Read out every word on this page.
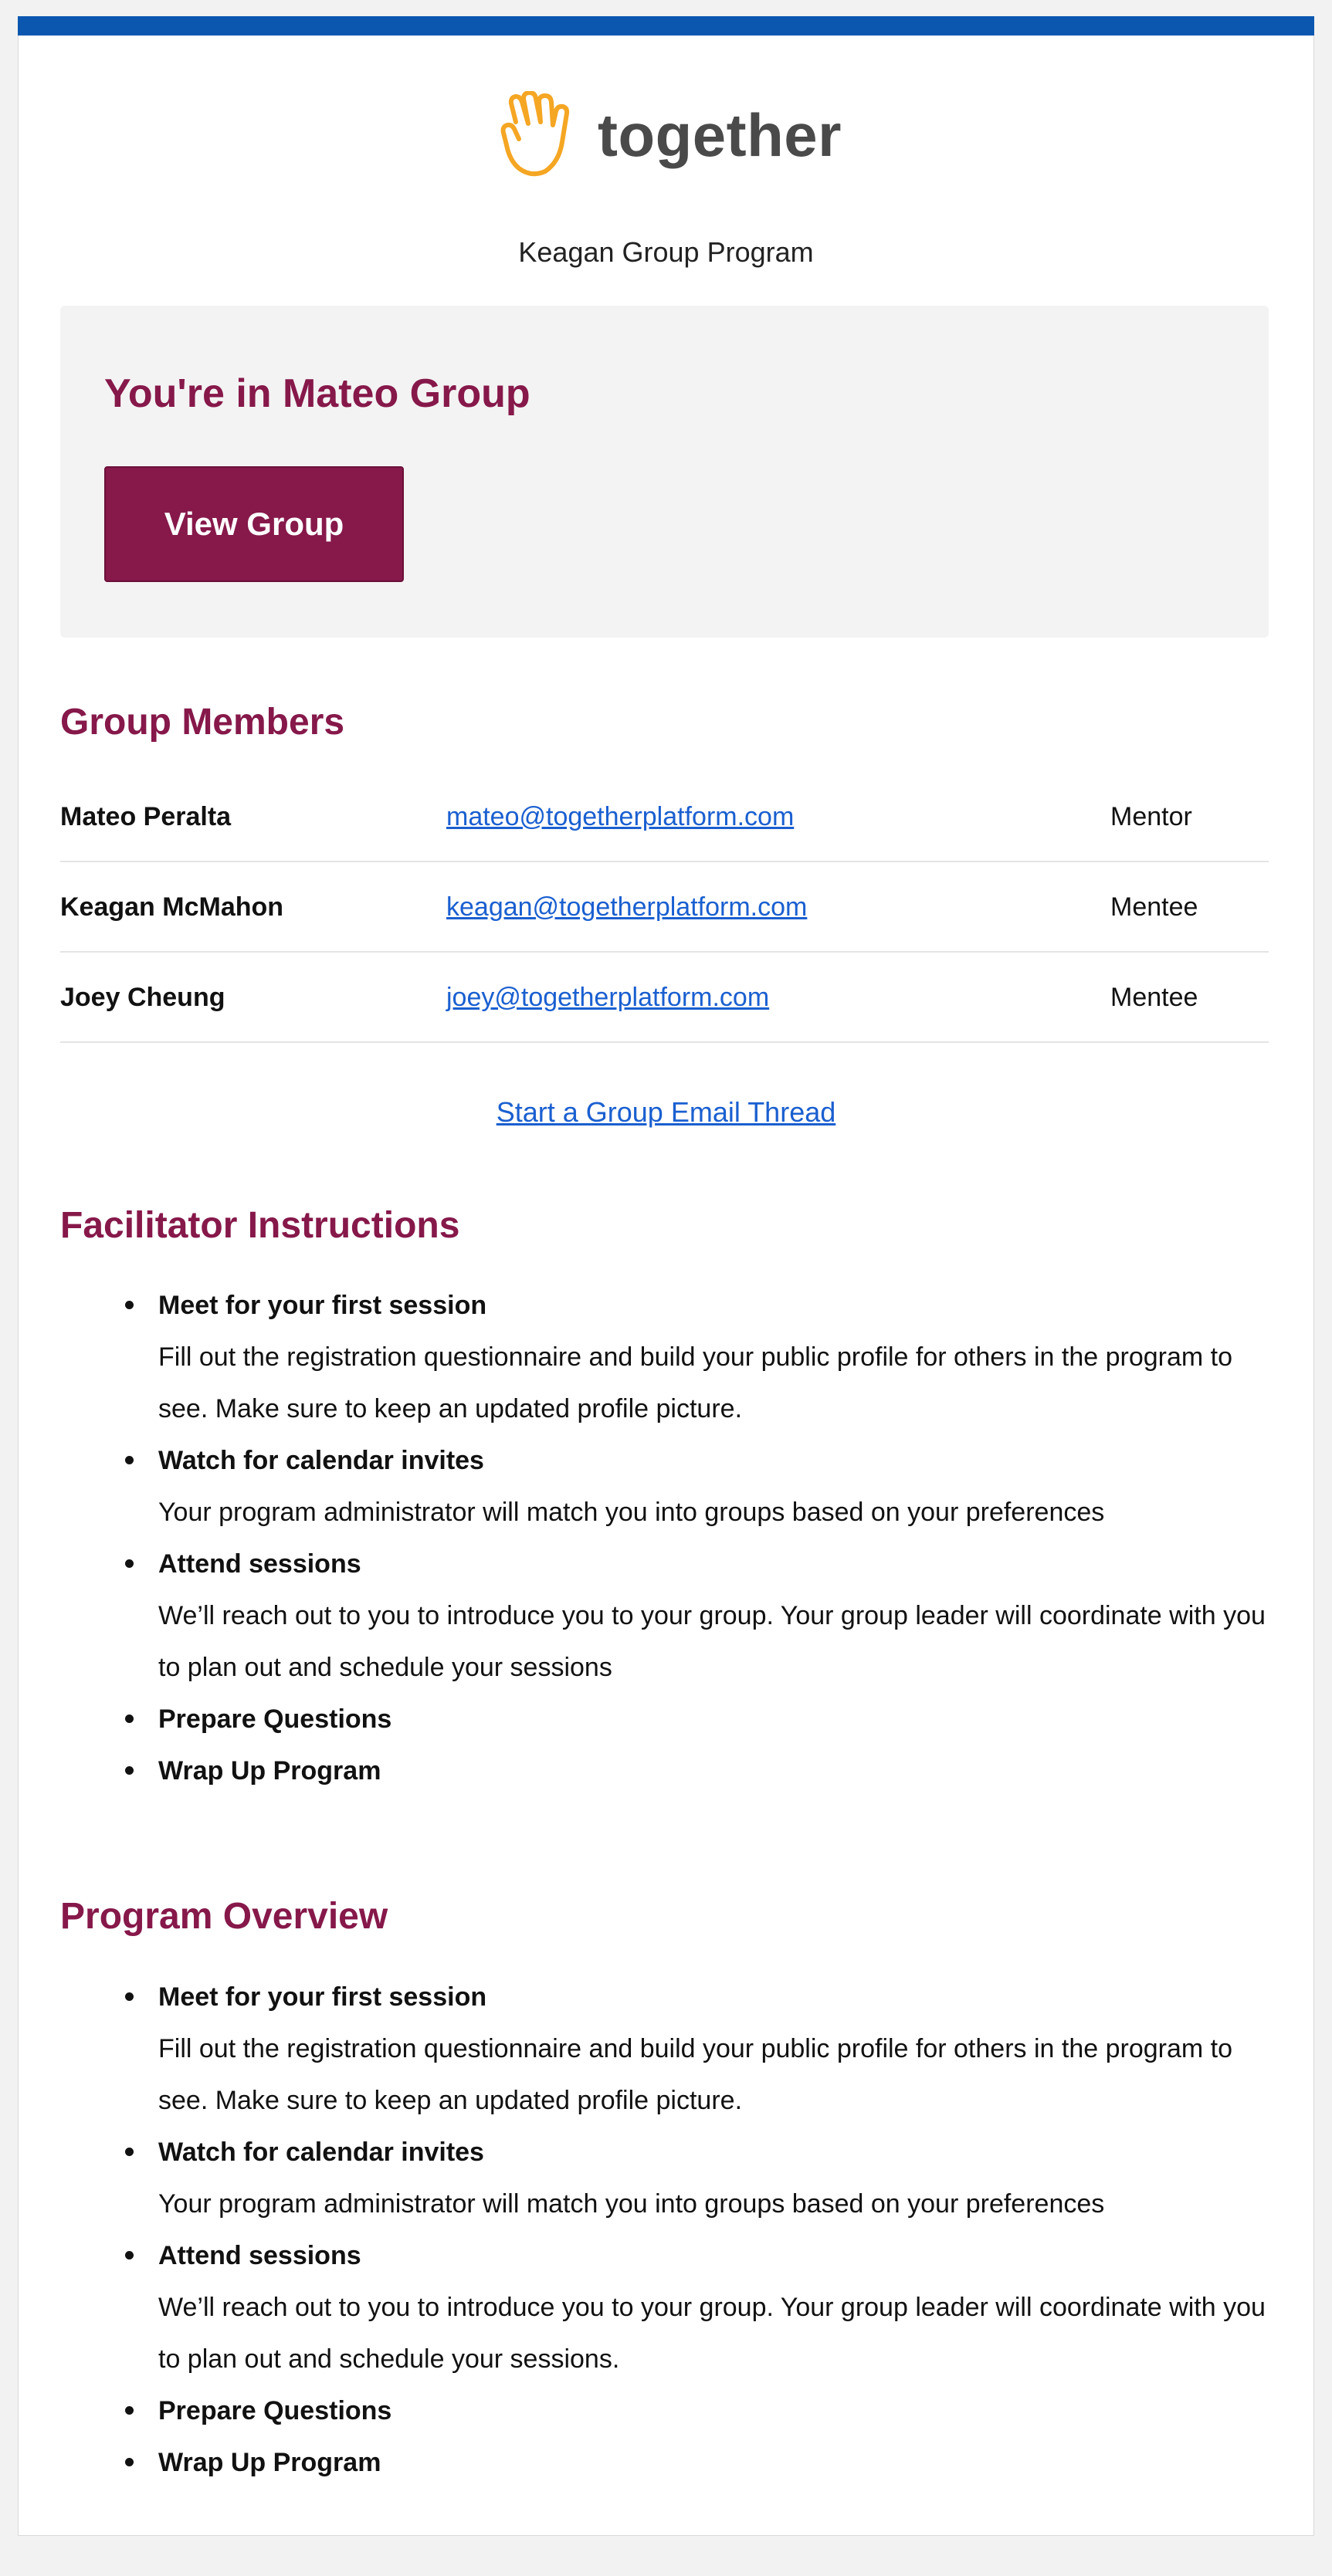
together
Keagan Group Program
You're in Mateo Group
View Group
Group Members
Mateo Peralta	mateo@togetherplatform.com	Mentor
Keagan McMahon	keagan@togetherplatform.com	Mentee
Joey Cheung	joey@togetherplatform.com	Mentee
Start a Group Email Thread
Facilitator Instructions
Meet for your first session
Fill out the registration questionnaire and build your public profile for others in the program to see. Make sure to keep an updated profile picture.
Watch for calendar invites
Your program administrator will match you into groups based on your preferences
Attend sessions
We’ll reach out to you to introduce you to your group. Your group leader will coordinate with you to plan out and schedule your sessions
Prepare Questions
Wrap Up Program
Program Overview
Meet for your first session
Fill out the registration questionnaire and build your public profile for others in the program to see. Make sure to keep an updated profile picture.
Watch for calendar invites
Your program administrator will match you into groups based on your preferences
Attend sessions
We’ll reach out to you to introduce you to your group. Your group leader will coordinate with you to plan out and schedule your sessions.
Prepare Questions
Wrap Up Program
